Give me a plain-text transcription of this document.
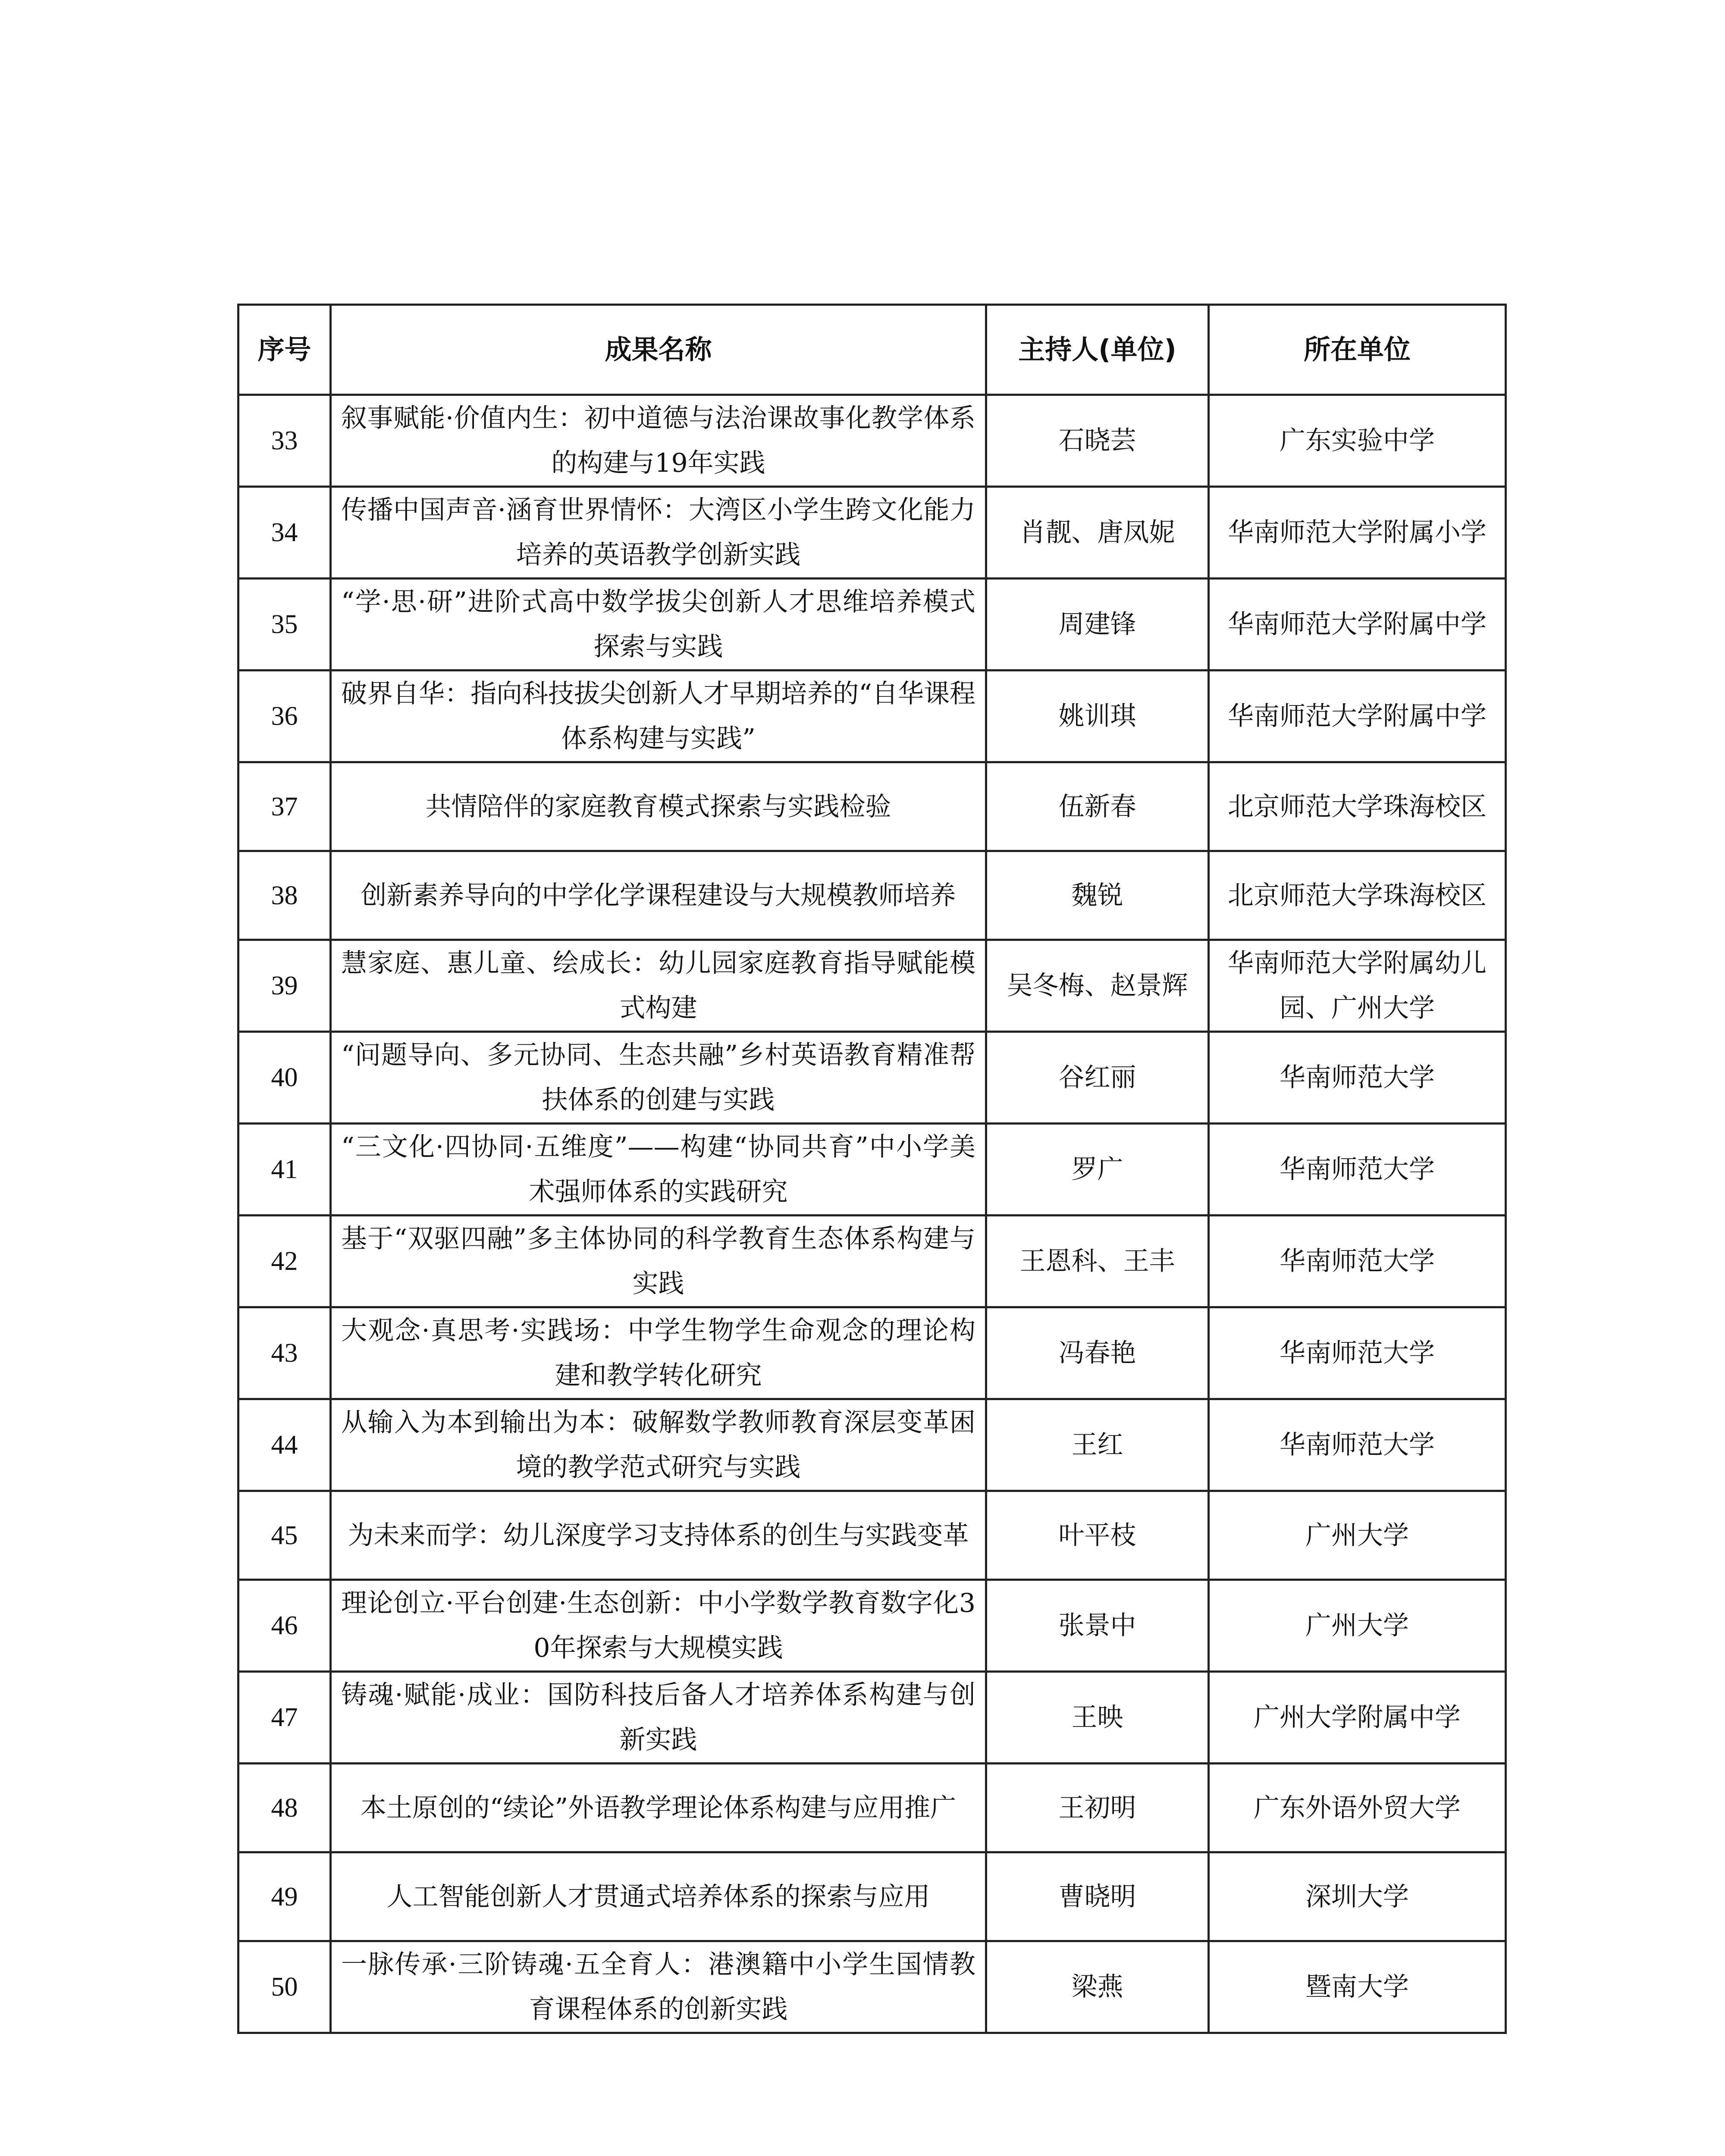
序号	成果名称	主持人(单位)	所在单位
33	叙事赋能·价值内生：初中道德与法治课故事化教学体系的构建与19年实践	石晓芸	广东实验中学
34	传播中国声音·涵育世界情怀：大湾区小学生跨文化能力培养的英语教学创新实践	肖靓、唐凤妮	华南师范大学附属小学
35	“学·思·研”进阶式高中数学拔尖创新人才思维培养模式探索与实践	周建锋	华南师范大学附属中学
36	破界自华：指向科技拔尖创新人才早期培养的“自华课程体系构建与实践”	姚训琪	华南师范大学附属中学
37	共情陪伴的家庭教育模式探索与实践检验	伍新春	北京师范大学珠海校区
38	创新素养导向的中学化学课程建设与大规模教师培养	魏锐	北京师范大学珠海校区
39	慧家庭、惠儿童、绘成长：幼儿园家庭教育指导赋能模式构建	吴冬梅、赵景辉	华南师范大学附属幼儿园、广州大学
40	“问题导向、多元协同、生态共融”乡村英语教育精准帮扶体系的创建与实践	谷红丽	华南师范大学
41	“三文化·四协同·五维度”——构建“协同共育”中小学美术强师体系的实践研究	罗广	华南师范大学
42	基于“双驱四融”多主体协同的科学教育生态体系构建与实践	王恩科、王丰	华南师范大学
43	大观念·真思考·实践场：中学生物学生命观念的理论构建和教学转化研究	冯春艳	华南师范大学
44	从输入为本到输出为本：破解数学教师教育深层变革困境的教学范式研究与实践	王红	华南师范大学
45	为未来而学：幼儿深度学习支持体系的创生与实践变革	叶平枝	广州大学
46	理论创立·平台创建·生态创新：中小学数学教育数字化30年探索与大规模实践	张景中	广州大学
47	铸魂·赋能·成业：国防科技后备人才培养体系构建与创新实践	王映	广州大学附属中学
48	本土原创的“续论”外语教学理论体系构建与应用推广	王初明	广东外语外贸大学
49	人工智能创新人才贯通式培养体系的探索与应用	曹晓明	深圳大学
50	一脉传承·三阶铸魂·五全育人：港澳籍中小学生国情教育课程体系的创新实践	梁燕	暨南大学
